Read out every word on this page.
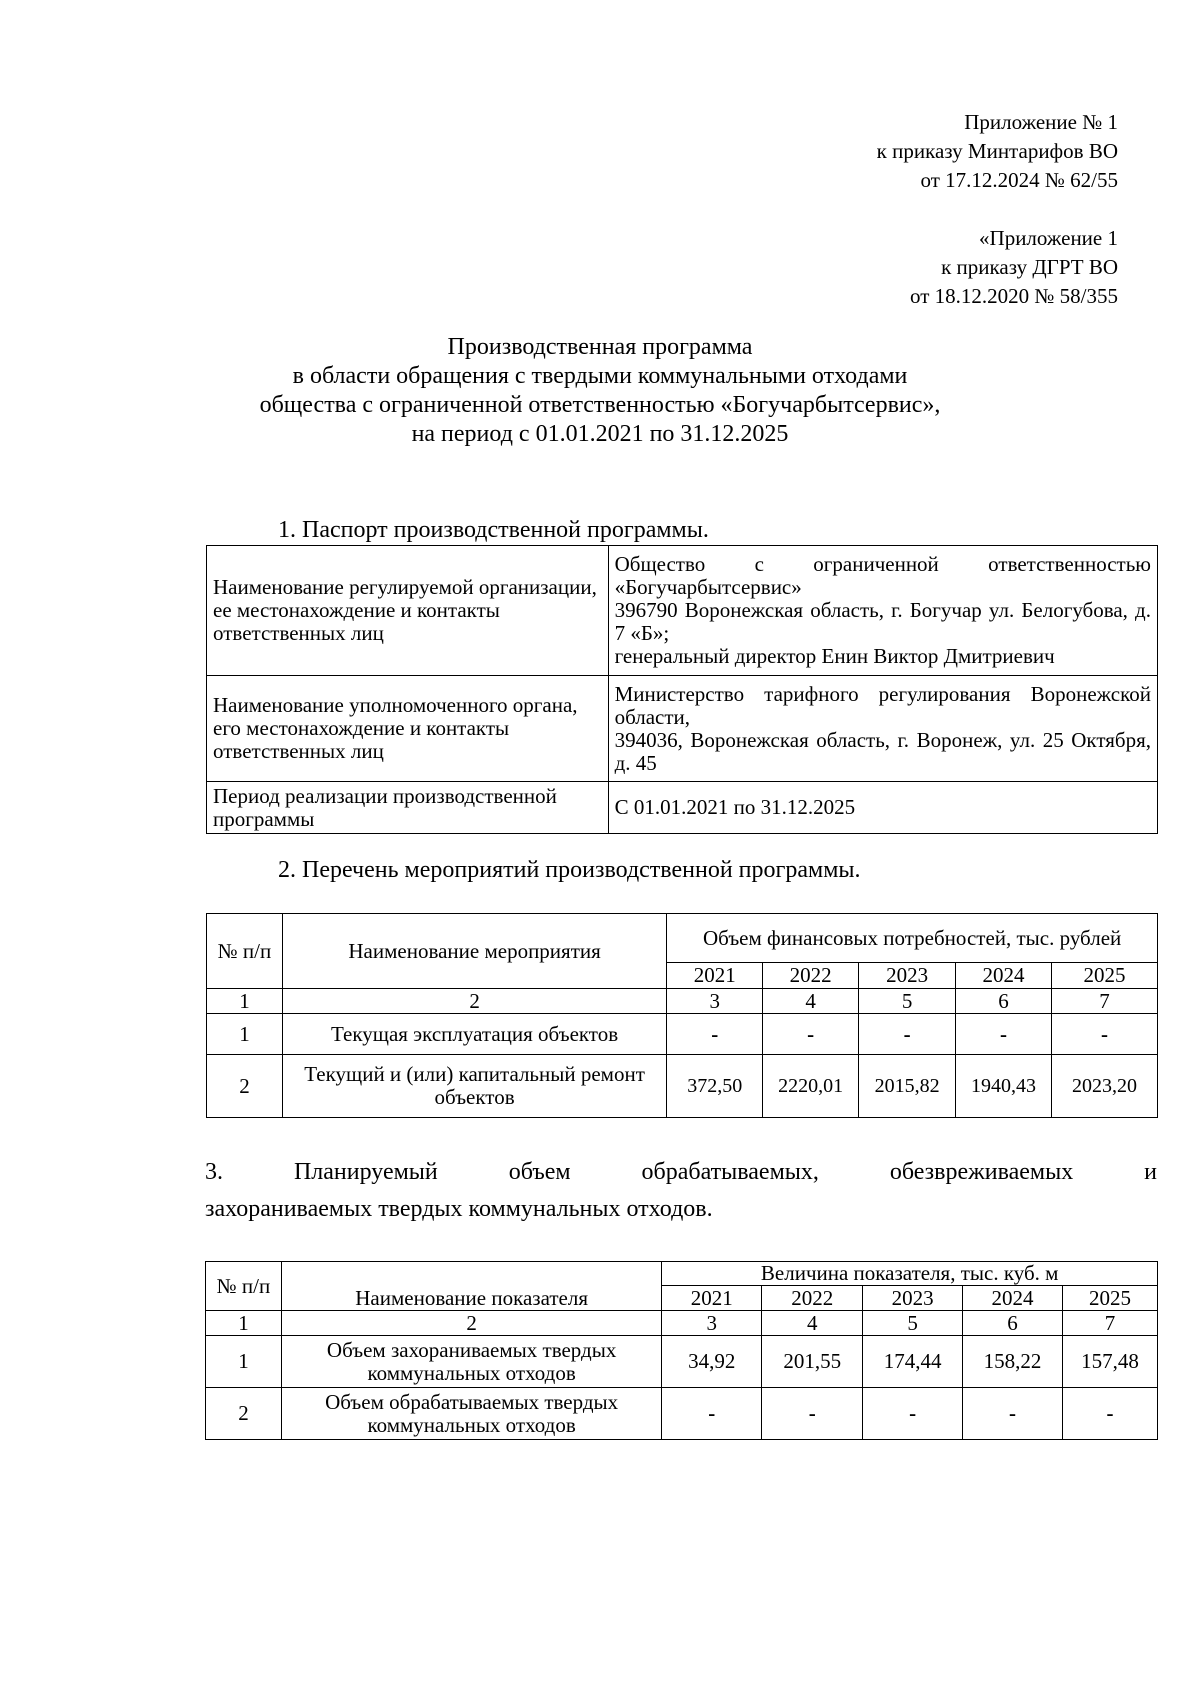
Приложение № 1
к приказу Минтарифов ВО
от 17.12.2024 № 62/55
«Приложение 1
к приказу ДГРТ ВО
от 18.12.2020 № 58/355
Производственная программа
в области обращения с твердыми коммунальными отходами
общества с ограниченной ответственностью «Богучарбытсервис»,
на период с 01.01.2021 по 31.12.2025
1. Паспорт производственной программы.
Наименование регулируемой организации, ее местонахождение и контакты ответственных лиц	Общество с ограниченной ответственностью «Богучарбытсервис»
396790 Воронежская область, г. Богучар ул. Белогубова, д. 7 «Б»;
генеральный директор Енин Виктор Дмитриевич

Наименование уполномоченного органа, его местонахождение и контакты ответственных лиц	Министерство тарифного регулирования Воронежской области,
394036, Воронежская область, г. Воронеж, ул. 25 Октября, д. 45

Период реализации производственной программы	С 01.01.2021 по 31.12.2025
2. Перечень мероприятий производственной программы.
№ п/п	Наименование мероприятия	Объем финансовых потребностей, тыс. рублей				
		2021	2022	2023	2024	2025
1	2	3	4	5	6	7
1	Текущая эксплуатация объектов	-	-	-	-	-
2	Текущий и (или) капитальный ремонт объектов	372,50	2220,01	2015,82	1940,43	2023,20
3. Планируемый объем обрабатываемых, обезвреживаемых и
захораниваемых твердых коммунальных отходов.
№ п/п	Наименование показателя	Величина показателя, тыс. куб. м				
		2021	2022	2023	2024	2025
1	2	3	4	5	6	7
1	Объем захораниваемых твердых коммунальных отходов	34,92	201,55	174,44	158,22	157,48
2	Объем обрабатываемых твердых коммунальных отходов	-	-	-	-	-
